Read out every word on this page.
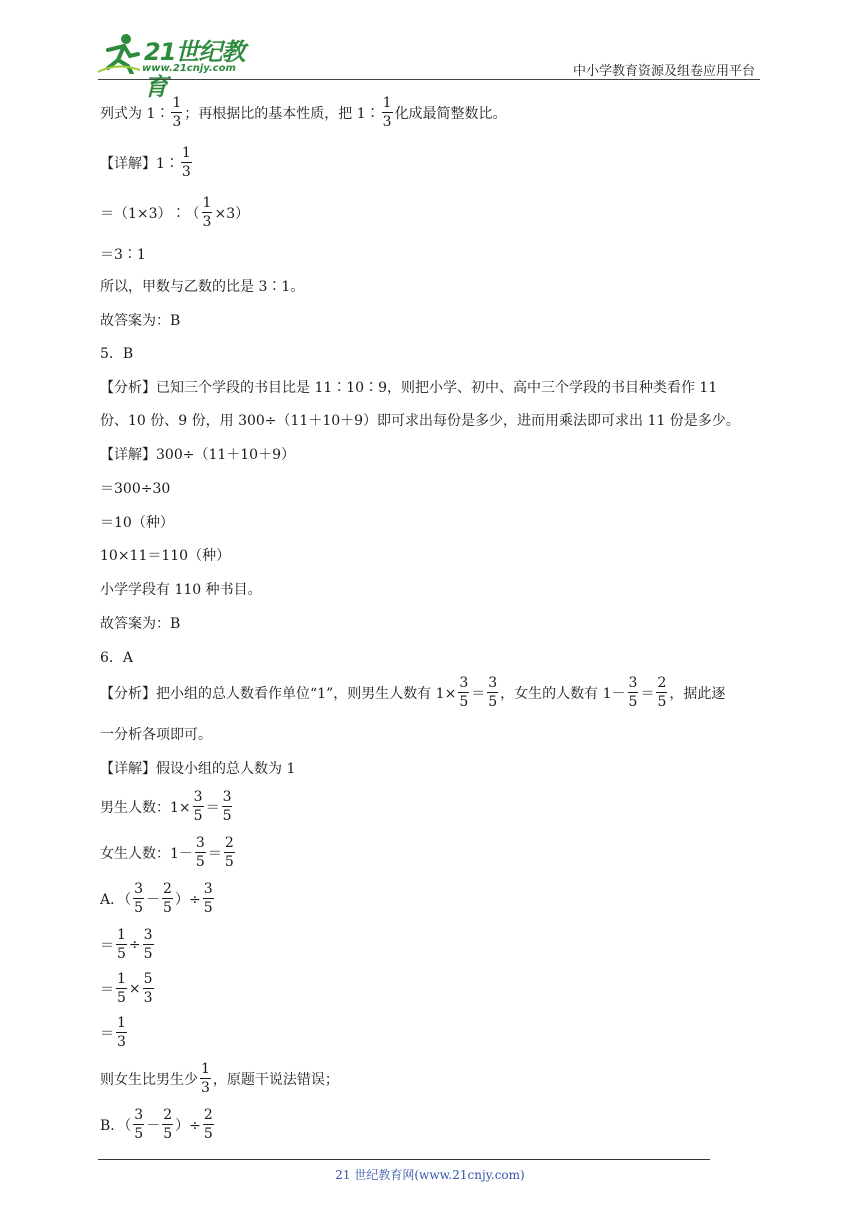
21世纪教育
www.21cnjy.com	中小学教育资源及组卷应用平台
列式为 1∶ $\frac{1}{3}$ ；再根据比的基本性质，把 1∶ $\frac{1}{3}$ 化成最简整数比。
【详解】1∶ $\frac{1}{3}$
＝（1×3）∶（ $\frac{1}{3} \times 3$）
＝3∶1
所以，甲数与乙数的比是 3∶1。
故答案为：B
5．B
【分析】已知三个学段的书目比是 11∶10∶9，则把小学、初中、高中三个学段的书目种类看作 11
份、10 份、9 份，用 300÷（11＋10＋9）即可求出每份是多少，进而用乘法即可求出 11 份是多少。
【详解】300÷（11＋10＋9）
＝300÷30
＝10（种）
10×11＝110（种）
小学学段有 110 种书目。
故答案为：B
6．A
【分析】把小组的总人数看作单位“1”，则男生人数有 $1\times \frac{3}{5} = \frac{3}{5}$ ，女生的人数有 $1- \frac{3}{5} = \frac{2}{5}$ ，据此逐
一分析各项即可。
【详解】假设小组的总人数为 1
男生人数：$1\times \frac{3}{5} = \frac{3}{5}$
女生人数：$1- \frac{3}{5} = \frac{2}{5}$
A．（ $\frac{3}{5} - \frac{2}{5}$ ）÷ $\frac{3}{5}$
＝ $\frac{1}{5} \div \frac{3}{5}$
＝ $\frac{1}{5} \times \frac{5}{3}$
＝ $\frac{1}{3}$
则女生比男生少 $\frac{1}{3}$ ，原题干说法错误；
B．（ $\frac{3}{5} - \frac{2}{5}$ ）÷ $\frac{2}{5}$
21 世纪教育网(www.21cnjy.com)
